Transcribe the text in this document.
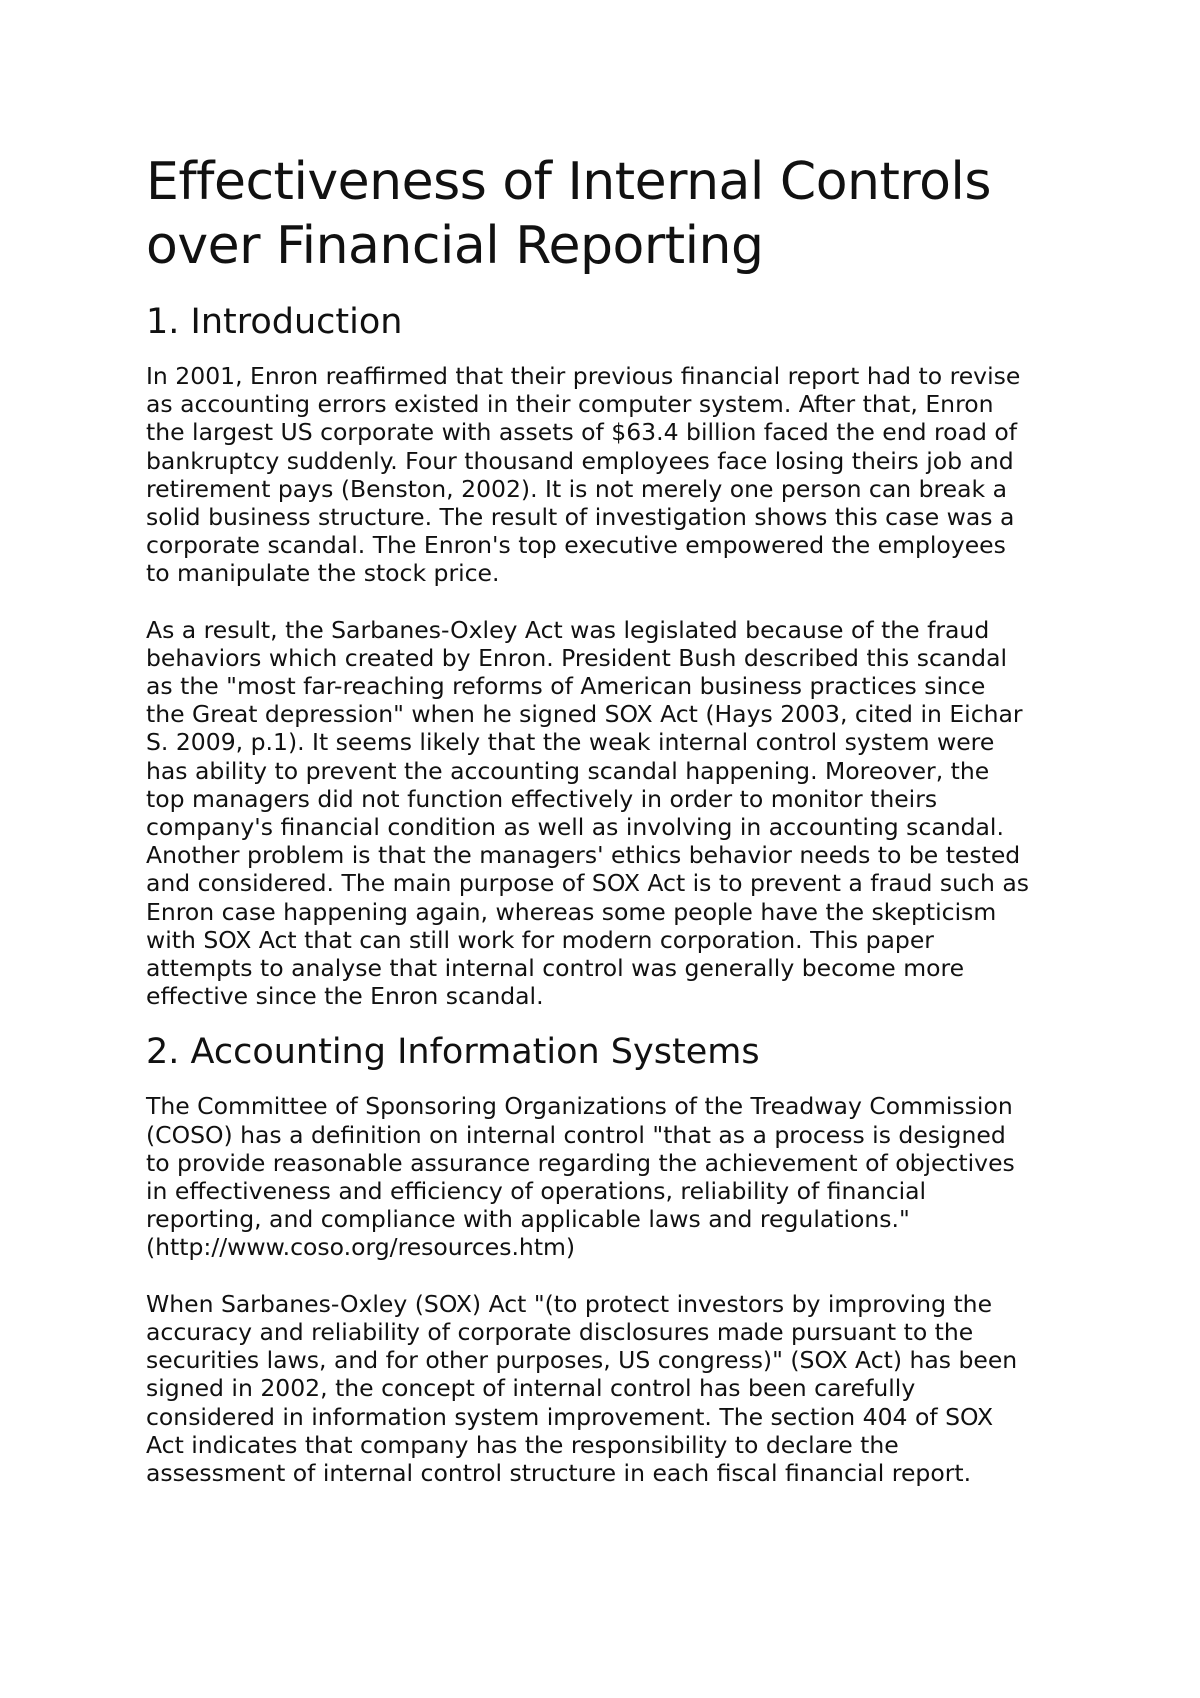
Effectiveness of Internal Controls
over Financial Reporting
1. Introduction

In 2001, Enron reaffirmed that their previous financial report had to revise
as accounting errors existed in their computer system. After that, Enron
the largest US corporate with assets of $63.4 billion faced the end road of
bankruptcy suddenly. Four thousand employees face losing theirs job and
retirement pays (Benston, 2002). It is not merely one person can break a
solid business structure. The result of investigation shows this case was a
corporate scandal. The Enron's top executive empowered the employees
to manipulate the stock price.

As a result, the Sarbanes-Oxley Act was legislated because of the fraud
behaviors which created by Enron. President Bush described this scandal
as the "most far-reaching reforms of American business practices since
the Great depression" when he signed SOX Act (Hays 2003, cited in Eichar
S. 2009, p.1). It seems likely that the weak internal control system were
has ability to prevent the accounting scandal happening. Moreover, the
top managers did not function effectively in order to monitor theirs
company's financial condition as well as involving in accounting scandal.
Another problem is that the managers' ethics behavior needs to be tested
and considered. The main purpose of SOX Act is to prevent a fraud such as
Enron case happening again, whereas some people have the skepticism
with SOX Act that can still work for modern corporation. This paper
attempts to analyse that internal control was generally become more
effective since the Enron scandal.

2. Accounting Information Systems

The Committee of Sponsoring Organizations of the Treadway Commission
(COSO) has a definition on internal control "that as a process is designed
to provide reasonable assurance regarding the achievement of objectives
in effectiveness and efficiency of operations, reliability of financial
reporting, and compliance with applicable laws and regulations."
(http://www.coso.org/resources.htm)

When Sarbanes-Oxley (SOX) Act "(to protect investors by improving the
accuracy and reliability of corporate disclosures made pursuant to the
securities laws, and for other purposes, US congress)" (SOX Act) has been
signed in 2002, the concept of internal control has been carefully
considered in information system improvement. The section 404 of SOX
Act indicates that company has the responsibility to declare the
assessment of internal control structure in each fiscal financial report.
